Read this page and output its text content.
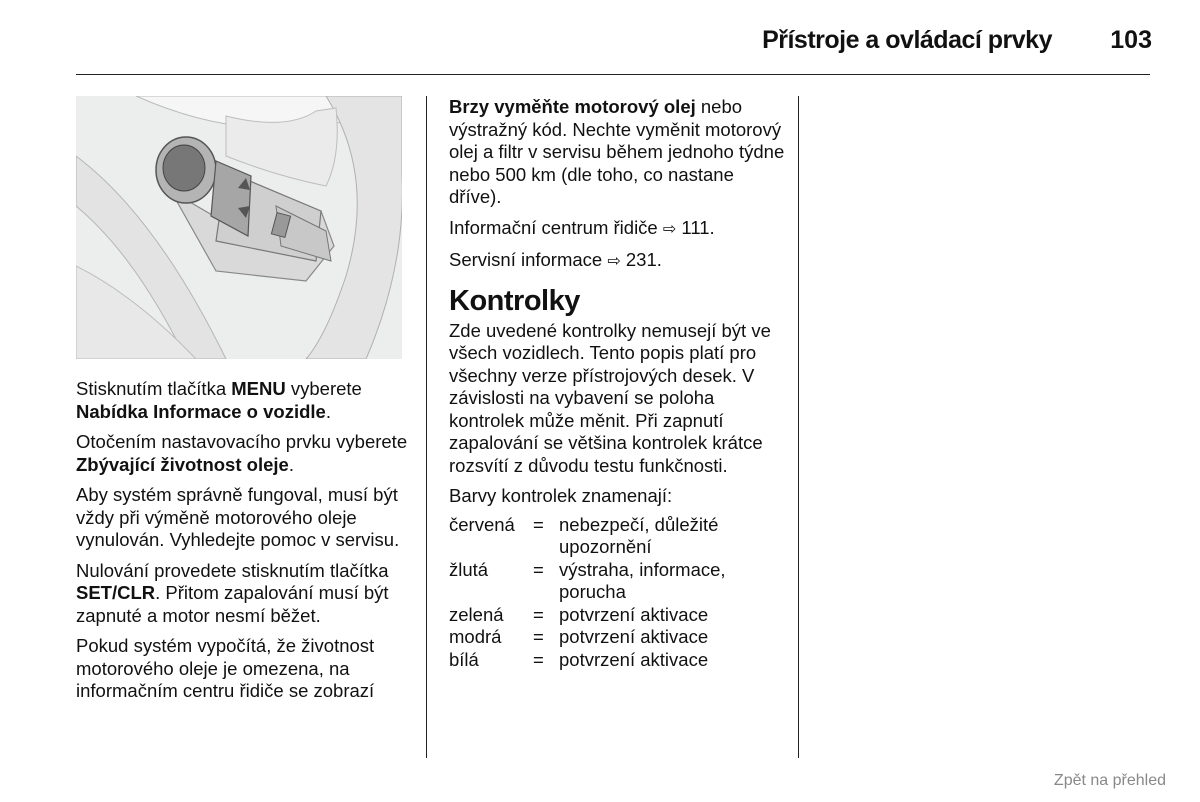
Přístroje a ovládací prvky 103

Stisknutím tlačítka MENU vyberete Nabídka Informace o vozidle.

Otočením nastavovacího prvku vyberete Zbývající životnost oleje.

Aby systém správně fungoval, musí být vždy při výměně motorového oleje vynulován. Vyhledejte pomoc v servisu.

Nulování provedete stisknutím tlačítka SET/CLR. Přitom zapalování musí být zapnuté a motor nesmí běžet.

Pokud systém vypočítá, že životnost motorového oleje je omezena, na informačním centru řidiče se zobrazí

Brzy vyměňte motorový olej nebo výstražný kód. Nechte vyměnit motorový olej a filtr v servisu během jednoho týdne nebo 500 km (dle toho, co nastane dříve).

Informační centrum řidiče ⇨ 111.

Servisní informace ⇨ 231.

Kontrolky

Zde uvedené kontrolky nemusejí být ve všech vozidlech. Tento popis platí pro všechny verze přístrojových desek. V závislosti na vybavení se poloha kontrolek může měnit. Při zapnutí zapalování se většina kontrolek krátce rozsvítí z důvodu testu funkčnosti.

Barvy kontrolek znamenají:

červená	=	nebezpečí, důležité upozornění
žlutá	=	výstraha, informace, porucha
zelená	=	potvrzení aktivace
modrá	=	potvrzení aktivace
bílá	=	potvrzení aktivace
Zpět na přehled
